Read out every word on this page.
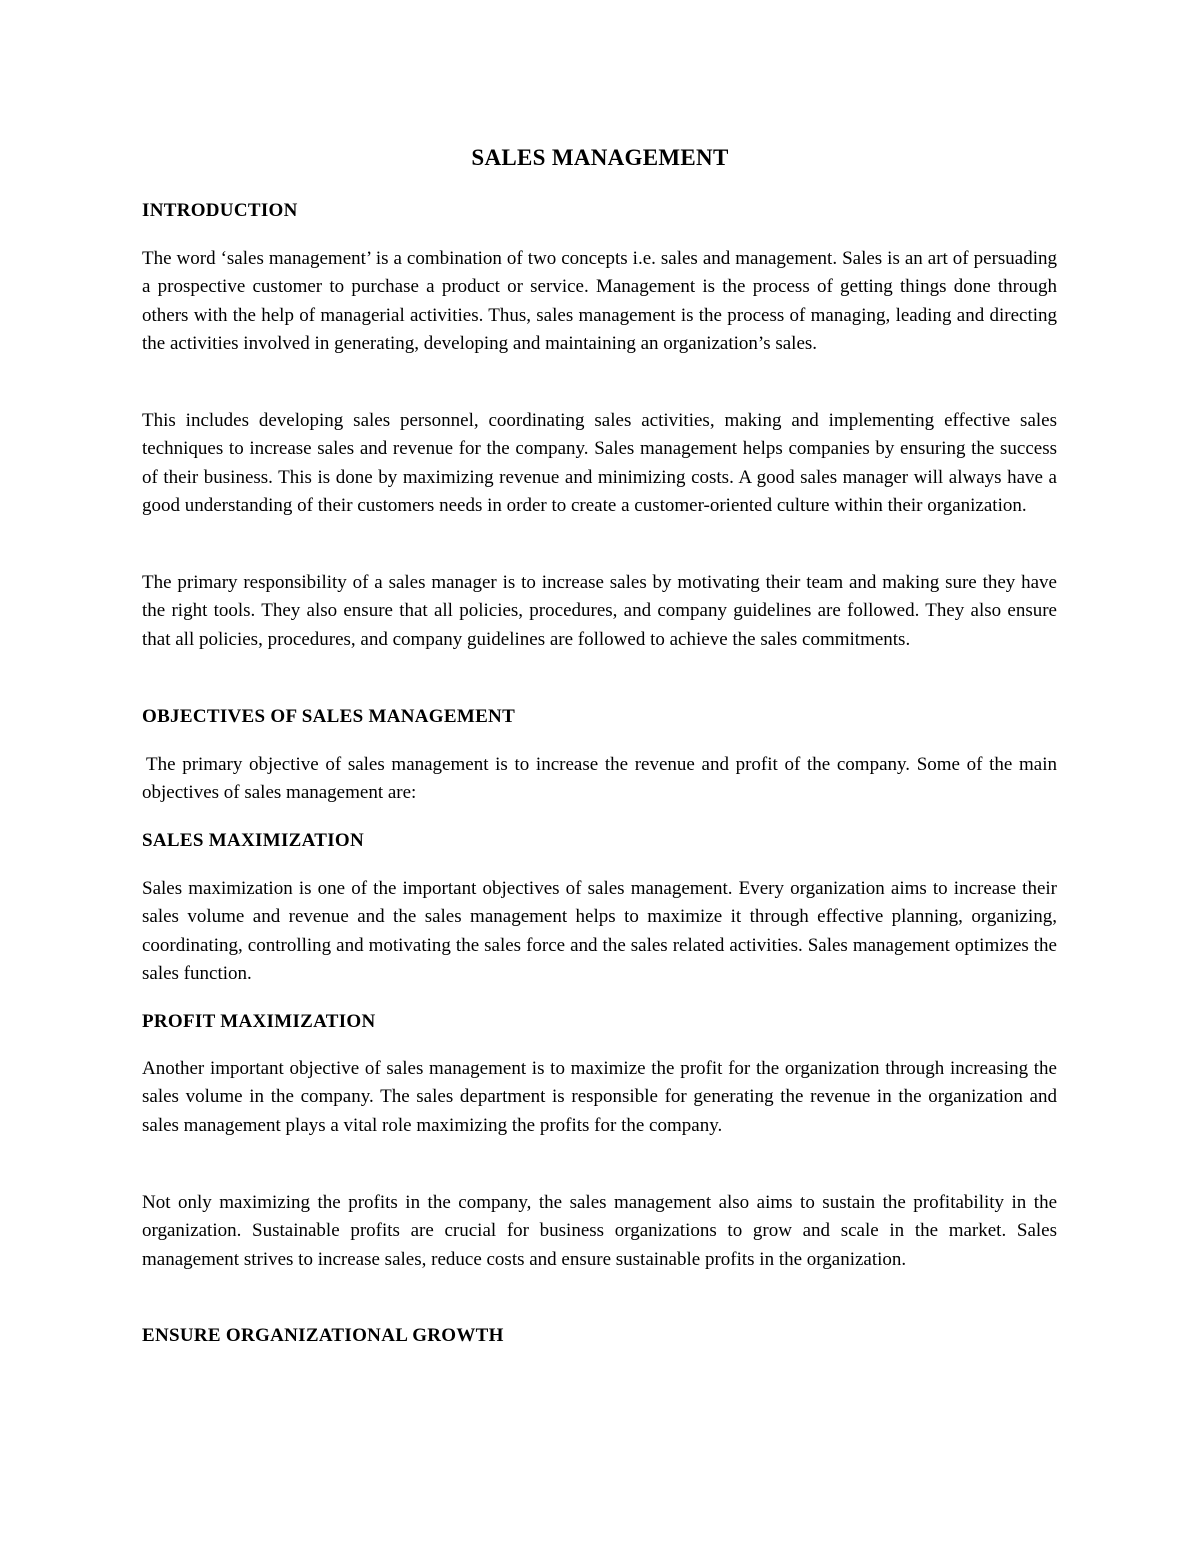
SALES MANAGEMENT
INTRODUCTION

The word ‘sales management’ is a combination of two concepts i.e. sales and management. Sales is an art of persuading a prospective customer to purchase a product or service. Management is the process of getting things done through others with the help of managerial activities. Thus, sales management is the process of managing, leading and directing the activities involved in generating, developing and maintaining an organization’s sales.

This includes developing sales personnel, coordinating sales activities, making and implementing effective sales techniques to increase sales and revenue for the company. Sales management helps companies by ensuring the success of their business. This is done by maximizing revenue and minimizing costs. A good sales manager will always have a good understanding of their customers needs in order to create a customer-oriented culture within their organization.

The primary responsibility of a sales manager is to increase sales by motivating their team and making sure they have the right tools. They also ensure that all policies, procedures, and company guidelines are followed. They also ensure that all policies, procedures, and company guidelines are followed to achieve the sales commitments.

OBJECTIVES OF SALES MANAGEMENT

The primary objective of sales management is to increase the revenue and profit of the company. Some of the main objectives of sales management are:

SALES MAXIMIZATION

Sales maximization is one of the important objectives of sales management. Every organization aims to increase their sales volume and revenue and the sales management helps to maximize it through effective planning, organizing, coordinating, controlling and motivating the sales force and the sales related activities. Sales management optimizes the sales function.

PROFIT MAXIMIZATION

Another important objective of sales management is to maximize the profit for the organization through increasing the sales volume in the company. The sales department is responsible for generating the revenue in the organization and sales management plays a vital role maximizing the profits for the company.

Not only maximizing the profits in the company, the sales management also aims to sustain the profitability in the organization. Sustainable profits are crucial for business organizations to grow and scale in the market. Sales management strives to increase sales, reduce costs and ensure sustainable profits in the organization.

ENSURE ORGANIZATIONAL GROWTH
